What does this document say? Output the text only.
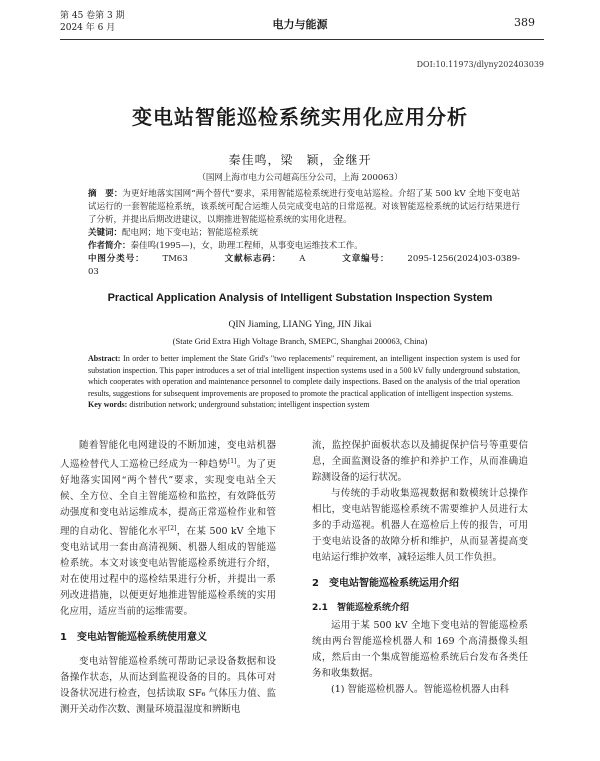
第 45 卷第 3 期
2024 年 6 月	电力与能源	389
DOI:10.11973/dlyny202403039
变电站智能巡检系统实用化应用分析
秦佳鸣，梁　颖，金继开
（国网上海市电力公司超高压分公司，上海 200063）

摘　要：为更好地落实国网“两个替代”要求，采用智能巡检系统进行变电站巡检。介绍了某 500 kV 全地下变电站试运行的一套智能巡检系统，该系统可配合运维人员完成变电站的日常巡视。对该智能巡检系统的试运行结果进行了分析，并提出后期改进建议，以期推进智能巡检系统的实用化进程。

关键词：配电网；地下变电站；智能巡检系统

作者简介：秦佳鸣(1995—)，女，助理工程师，从事变电运维技术工作。

中图分类号： TM63	文献标志码： A	文章编号： 2095-1256(2024)03-0389-03

Practical Application Analysis of Intelligent Substation Inspection System
QIN Jiaming, LIANG Ying, JIN Jikai
(State Grid Extra High Voltage Branch, SMEPC, Shanghai 200063, China)

Abstract: In order to better implement the State Grid's "two replacements" requirement, an intelligent inspection system is used for substation inspection. This paper introduces a set of trial intelligent inspection systems used in a 500 kV fully underground substation, which cooperates with operation and maintenance personnel to complete daily inspections. Based on the analysis of the trial operation results, suggestions for subsequent improvements are proposed to promote the practical application of intelligent inspection systems.

Key words: distribution network; underground substation; intelligent inspection system

随着智能化电网建设的不断加速，变电站机器人巡检替代人工巡检已经成为一种趋势[1]。为了更好地落实国网“两个替代”要求，实现变电站全天候、全方位、全自主智能巡检和监控，有效降低劳动强度和变电站运维成本，提高正常巡检作业和管理的自动化、智能化水平[2]，在某 500 kV 全地下变电站试用一套由高清视频、机器人组成的智能巡检系统。本文对该变电站智能巡检系统进行介绍，对在使用过程中的巡检结果进行分析，并提出一系列改进措施，以便更好地推进智能巡检系统的实用化应用，适应当前的运维需要。

1　变电站智能巡检系统使用意义

变电站智能巡检系统可帮助记录设备数据和设备操作状态，从而达到监视设备的目的。具体可对设备状况进行检查，包括读取 SF₆ 气体压力值、监测开关动作次数、测量环境温湿度和辨断电

流，监控保护面板状态以及捕捉保护信号等重要信息，全面监测设备的维护和养护工作，从而准确追踪测设备的运行状况。

与传统的手动收集巡视数据和数模统计总操作相比，变电站智能巡检系统不需要维护人员进行太多的手动巡视。机器人在巡检后上传的报告，可用于变电站设备的故障分析和维护，从而显著提高变电站运行维护效率，减轻运维人员工作负担。

2　变电站智能巡检系统运用介绍
2.1　智能巡检系统介绍

运用于某 500 kV 全地下变电站的智能巡检系统由两台智能巡检机器人和 169 个高清摄像头组成，然后由一个集成智能巡检系统后台发布各类任务和收集数据。

(1) 智能巡检机器人。智能巡检机器人由科
